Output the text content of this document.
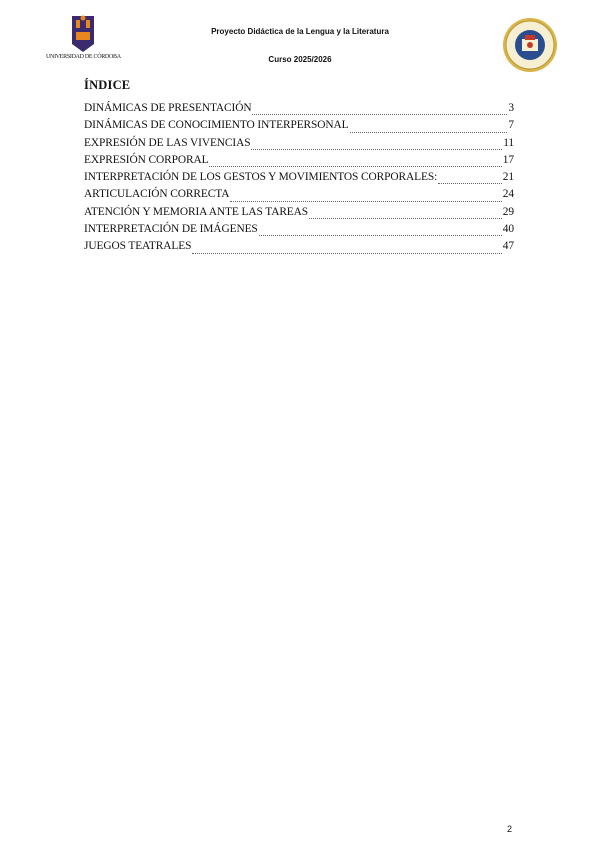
UNIVERSIDAD DE CÓRDOBA
Proyecto Didáctica de la Lengua y la Literatura
Curso 2025/2026
ÍNDICE
DINÁMICAS DE PRESENTACIÓN	3
DINÁMICAS DE CONOCIMIENTO INTERPERSONAL	7
EXPRESIÓN DE LAS VIVENCIAS	11
EXPRESIÓN CORPORAL	17
INTERPRETACIÓN DE LOS GESTOS Y MOVIMIENTOS CORPORALES:	21
ARTICULACIÓN CORRECTA	24
ATENCIÓN Y MEMORIA ANTE LAS TAREAS	29
INTERPRETACIÓN DE IMÁGENES	40
JUEGOS TEATRALES	47
2
